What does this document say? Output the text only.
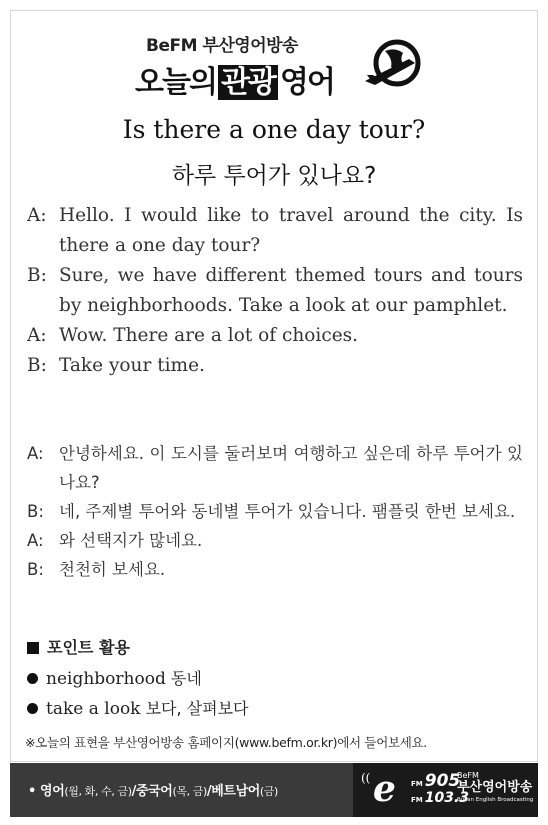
BeFM 부산영어방송
오늘의 관광 영어
Is there a one day tour?
하루 투어가 있나요?
A: Hello. I would like to travel around the city. Is there a one day tour?
B: Sure, we have different themed tours and tours by neighborhoods. Take a look at our pamphlet.
A: Wow. There are a lot of choices.
B: Take your time.
A: 안녕하세요. 이 도시를 둘러보며 여행하고 싶은데 하루 투어가 있나요?
B: 네, 주제별 투어와 동네별 투어가 있습니다. 팸플릿 한번 보세요.
A: 와 선택지가 많네요.
B: 천천히 보세요.
포인트 활용
neighborhood 동네
take a look 보다, 살펴보다
※오늘의 표현을 부산영어방송 홈페이지(www.befm.or.kr)에서 들어보세요.
• 영어(월, 화, 수, 금)/중국어(목, 금)/베트남어(금)
(( e FM 905
FM 103.3
BeFM
부산영어방송
Busan English Broadcasting
